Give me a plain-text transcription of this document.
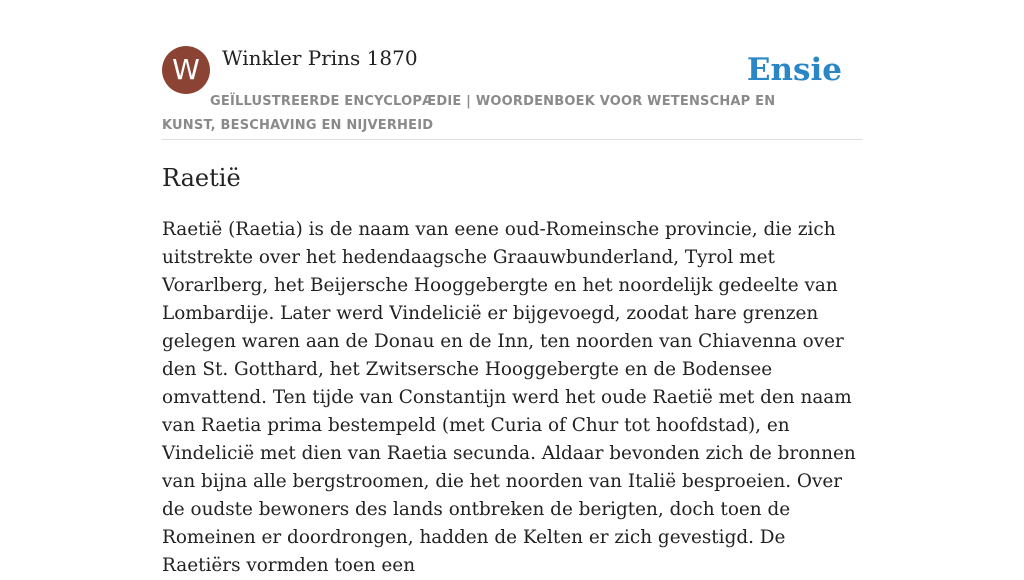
W	Winkler Prins 1870	Ensie
GEÏLLUSTREERDE ENCYCLOPÆDIE | WOORDENBOEK VOOR WETENSCHAP EN KUNST, BESCHAVING EN NIJVERHEID
Raetië

Raetië (Raetia) is de naam van eene oud-Romeinsche provincie, die zich uitstrekte over het hedendaagsche Graauwbunderland, Tyrol met Vorarlberg, het Beijersche Hooggebergte en het noordelijk gedeelte van Lombardije. Later werd Vindelicië er bijgevoegd, zoodat hare grenzen gelegen waren aan de Donau en de Inn, ten noorden van Chiavenna over den St. Gotthard, het Zwitsersche Hooggebergte en de Bodensee omvattend. Ten tijde van Constantijn werd het oude Raetië met den naam van Raetia prima bestempeld (met Curia of Chur tot hoofdstad), en Vindelicië met dien van Raetia secunda. Aldaar bevonden zich de bronnen van bijna alle bergstroomen, die het noorden van Italië besproeien. Over de oudste bewoners des lands ontbreken de berigten, doch toen de Romeinen er doordrongen, hadden de Kelten er zich gevestigd. De Raetiërs vormden toen een
